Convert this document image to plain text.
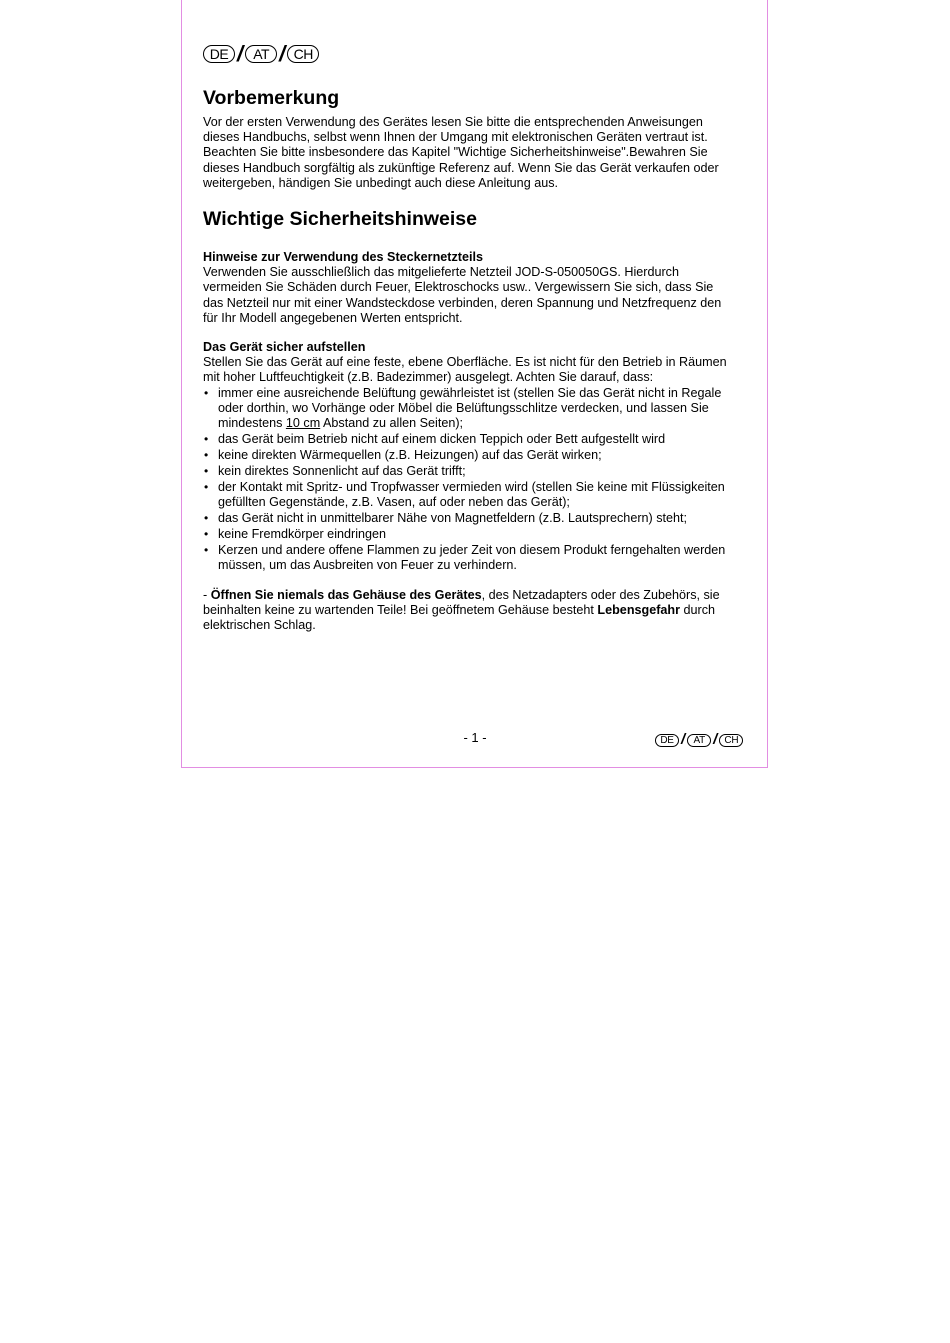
DE / AT / CH
Vorbemerkung

Vor der ersten Verwendung des Gerätes lesen Sie bitte die entsprechenden Anweisungen
dieses Handbuchs, selbst wenn Ihnen der Umgang mit elektronischen Geräten vertraut ist.
Beachten Sie bitte insbesondere das Kapitel "Wichtige Sicherheitshinweise".Bewahren Sie
dieses Handbuch sorgfältig als zukünftige Referenz auf. Wenn Sie das Gerät verkaufen oder
weitergeben, händigen Sie unbedingt auch diese Anleitung aus.

Wichtige Sicherheitshinweise

Hinweise zur Verwendung des Steckernetzteils

Verwenden Sie ausschließlich das mitgelieferte Netzteil JOD-S-050050GS. Hierdurch
vermeiden Sie Schäden durch Feuer, Elektroschocks usw.. Vergewissern Sie sich, dass Sie
das Netzteil nur mit einer Wandsteckdose verbinden, deren Spannung und Netzfrequenz den
für Ihr Modell angegebenen Werten entspricht.

Das Gerät sicher aufstellen

Stellen Sie das Gerät auf eine feste, ebene Oberfläche. Es ist nicht für den Betrieb in Räumen
mit hoher Luftfeuchtigkeit (z.B. Badezimmer) ausgelegt. Achten Sie darauf, dass:

• immer eine ausreichende Belüftung gewährleistet ist (stellen Sie das Gerät nicht in Regale
oder dorthin, wo Vorhänge oder Möbel die Belüftungsschlitze verdecken, und lassen Sie
mindestens 10 cm Abstand zu allen Seiten);
• das Gerät beim Betrieb nicht auf einem dicken Teppich oder Bett aufgestellt wird
• keine direkten Wärmequellen (z.B. Heizungen) auf das Gerät wirken;
• kein direktes Sonnenlicht auf das Gerät trifft;
• der Kontakt mit Spritz- und Tropfwasser vermieden wird (stellen Sie keine mit Flüssigkeiten gefüllten Gegenstände, z.B. Vasen, auf oder neben das Gerät);
• das Gerät nicht in unmittelbarer Nähe von Magnetfeldern (z.B. Lautsprechern) steht;
• keine Fremdkörper eindringen
• Kerzen und andere offene Flammen zu jeder Zeit von diesem Produkt ferngehalten werden müssen, um das Ausbreiten von Feuer zu verhindern.

- Öffnen Sie niemals das Gehäuse des Gerätes, des Netzadapters oder des Zubehörs, sie
beinhalten keine zu wartenden Teile! Bei geöffnetem Gehäuse besteht Lebensgefahr durch
elektrischen Schlag.

- 1 -	DE / AT / CH
